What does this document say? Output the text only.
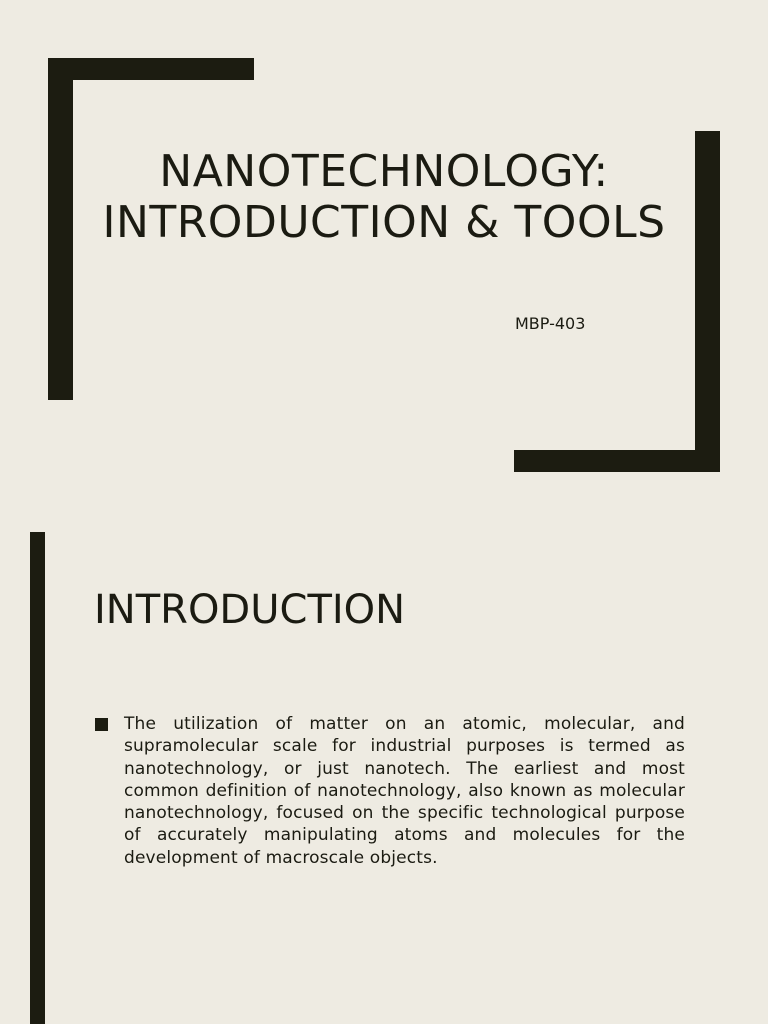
NANOTECHNOLOGY: INTRODUCTION & TOOLS
MBP-403
INTRODUCTION

The utilization of matter on an atomic, molecular, and supramolecular scale for industrial purposes is termed as nanotechnology, or just nanotech. The earliest and most common definition of nanotechnology, also known as molecular nanotechnology, focused on the specific technological purpose of accurately manipulating atoms and molecules for the development of macroscale objects.
